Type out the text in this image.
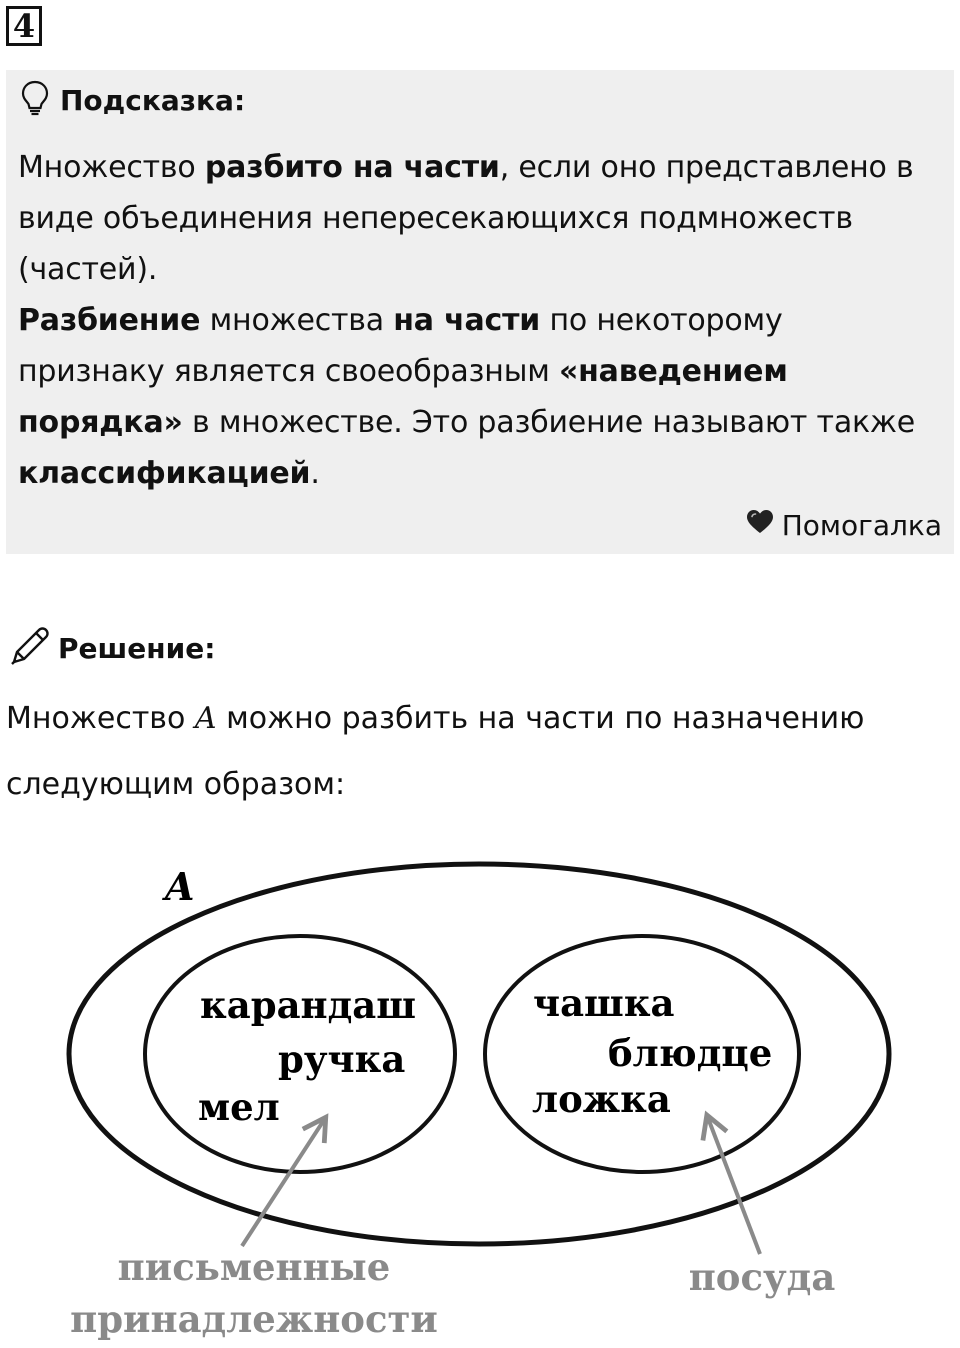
4
Подсказка:

Множество разбито на части, если оно представлено в виде объединения непересекающихся подмножеств (частей).

Разбиение множества на части по некоторому признаку является своеобразным «наведением порядка» в множестве. Это разбиение называют также классификацией.

Помогалка
Решение:

Множество A можно разбить на части по назначению следующим образом:

A
карандаш
ручка
мел
чашка
блюдце
ложка
письменные
принадлежности
посуда
